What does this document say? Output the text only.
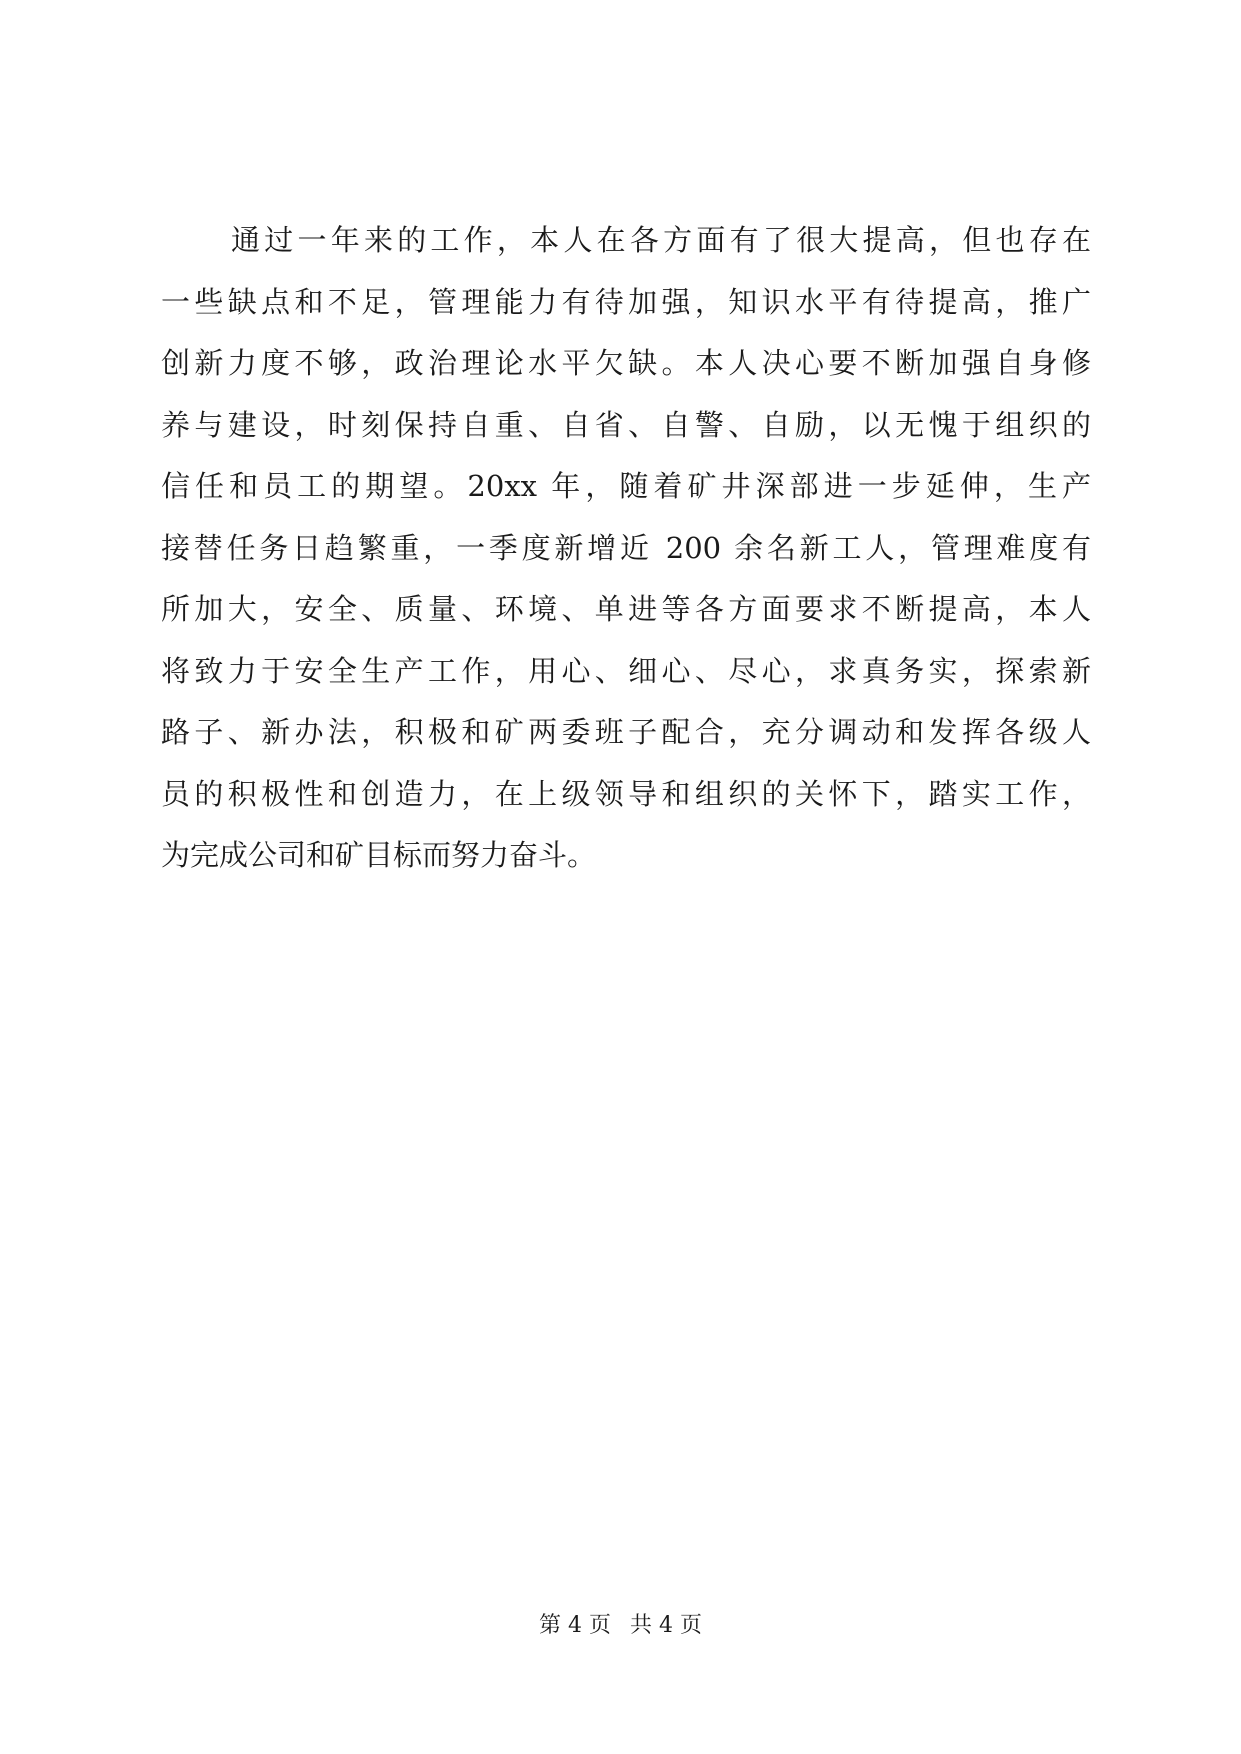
通过一年来的工作，本人在各方面有了很大提高，但也存在
一些缺点和不足，管理能力有待加强，知识水平有待提高，推广
创新力度不够，政治理论水平欠缺。本人决心要不断加强自身修
养与建设，时刻保持自重、自省、自警、自励，以无愧于组织的
信任和员工的期望。20xx 年，随着矿井深部进一步延伸，生产
接替任务日趋繁重，一季度新增近 200 余名新工人，管理难度有
所加大，安全、质量、环境、单进等各方面要求不断提高，本人
将致力于安全生产工作，用心、细心、尽心，求真务实，探索新
路子、新办法，积极和矿两委班子配合，充分调动和发挥各级人
员的积极性和创造力，在上级领导和组织的关怀下，踏实工作，
为完成公司和矿目标而努力奋斗。

第 4 页 共 4 页
